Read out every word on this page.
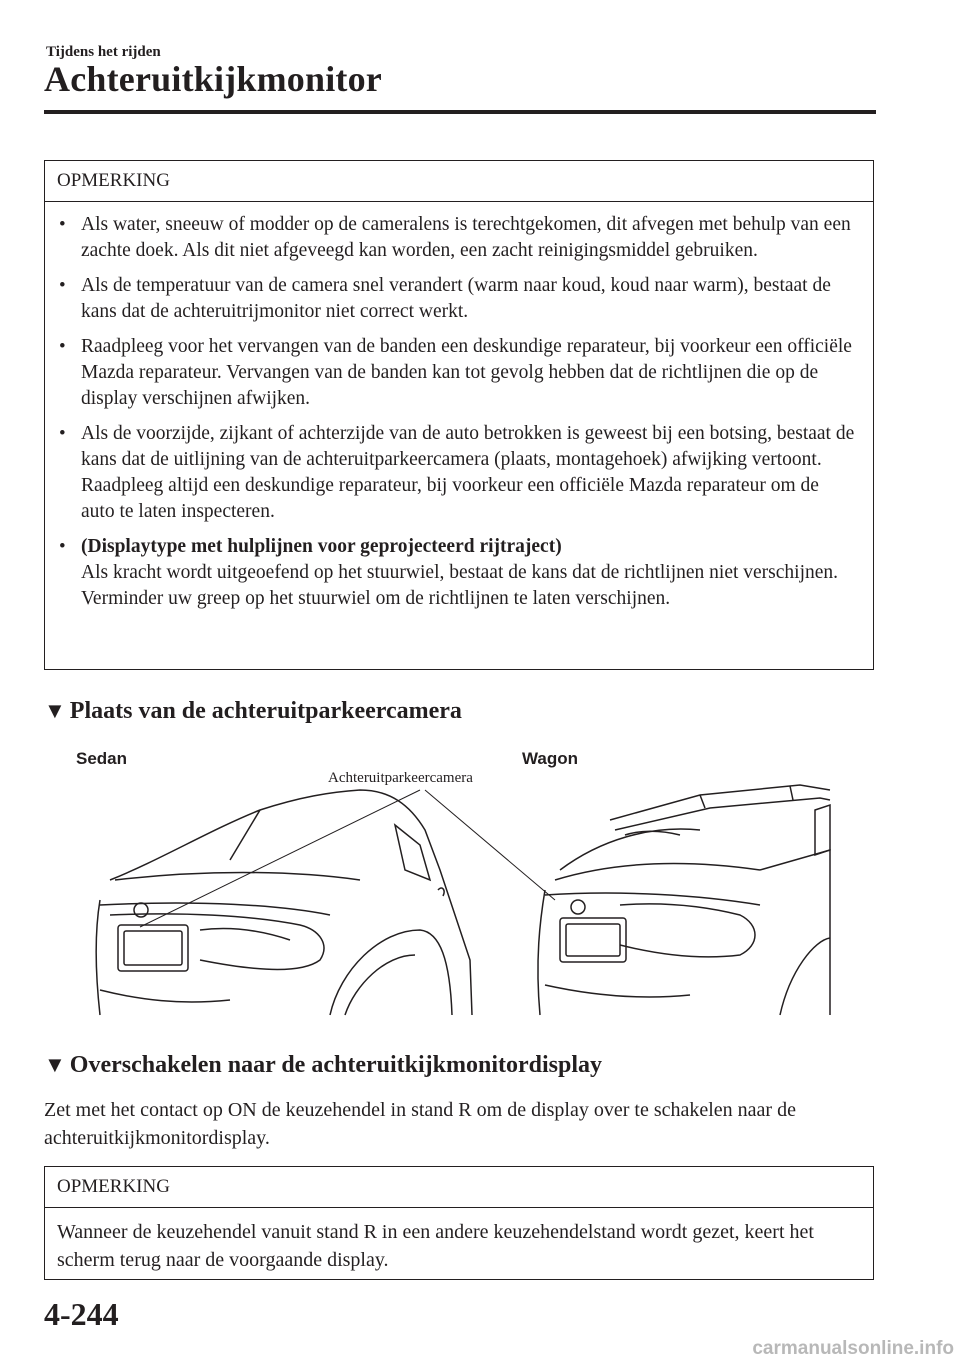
Tijdens het rijden
Achteruitkijkmonitor
OPMERKING
• Als water, sneeuw of modder op de cameralens is terechtgekomen, dit afvegen met behulp van een zachte doek. Als dit niet afgeveegd kan worden, een zacht reinigingsmiddel gebruiken.
• Als de temperatuur van de camera snel verandert (warm naar koud, koud naar warm), bestaat de kans dat de achteruitrijmonitor niet correct werkt.
• Raadpleeg voor het vervangen van de banden een deskundige reparateur, bij voorkeur een officiële Mazda reparateur. Vervangen van de banden kan tot gevolg hebben dat de richtlijnen die op de display verschijnen afwijken.
• Als de voorzijde, zijkant of achterzijde van de auto betrokken is geweest bij een botsing, bestaat de kans dat de uitlijning van de achteruitparkeercamera (plaats, montagehoek) afwijking vertoont. Raadpleeg altijd een deskundige reparateur, bij voorkeur een officiële Mazda reparateur om de auto te laten inspecteren.
• (Displaytype met hulplijnen voor geprojecteerd rijtraject)
Als kracht wordt uitgeoefend op het stuurwiel, bestaat de kans dat de richtlijnen niet verschijnen. Verminder uw greep op het stuurwiel om de richtlijnen te laten verschijnen.
▼ Plaats van de achteruitparkeercamera
Sedan	Wagon
Achteruitparkeercamera
▼ Overschakelen naar de achteruitkijkmonitordisplay
Zet met het contact op ON de keuzehendel in stand R om de display over te schakelen naar de achteruitkijkmonitordisplay.
OPMERKING
Wanneer de keuzehendel vanuit stand R in een andere keuzehendelstand wordt gezet, keert het scherm terug naar de voorgaande display.
4-244
carmanualsonline.info
